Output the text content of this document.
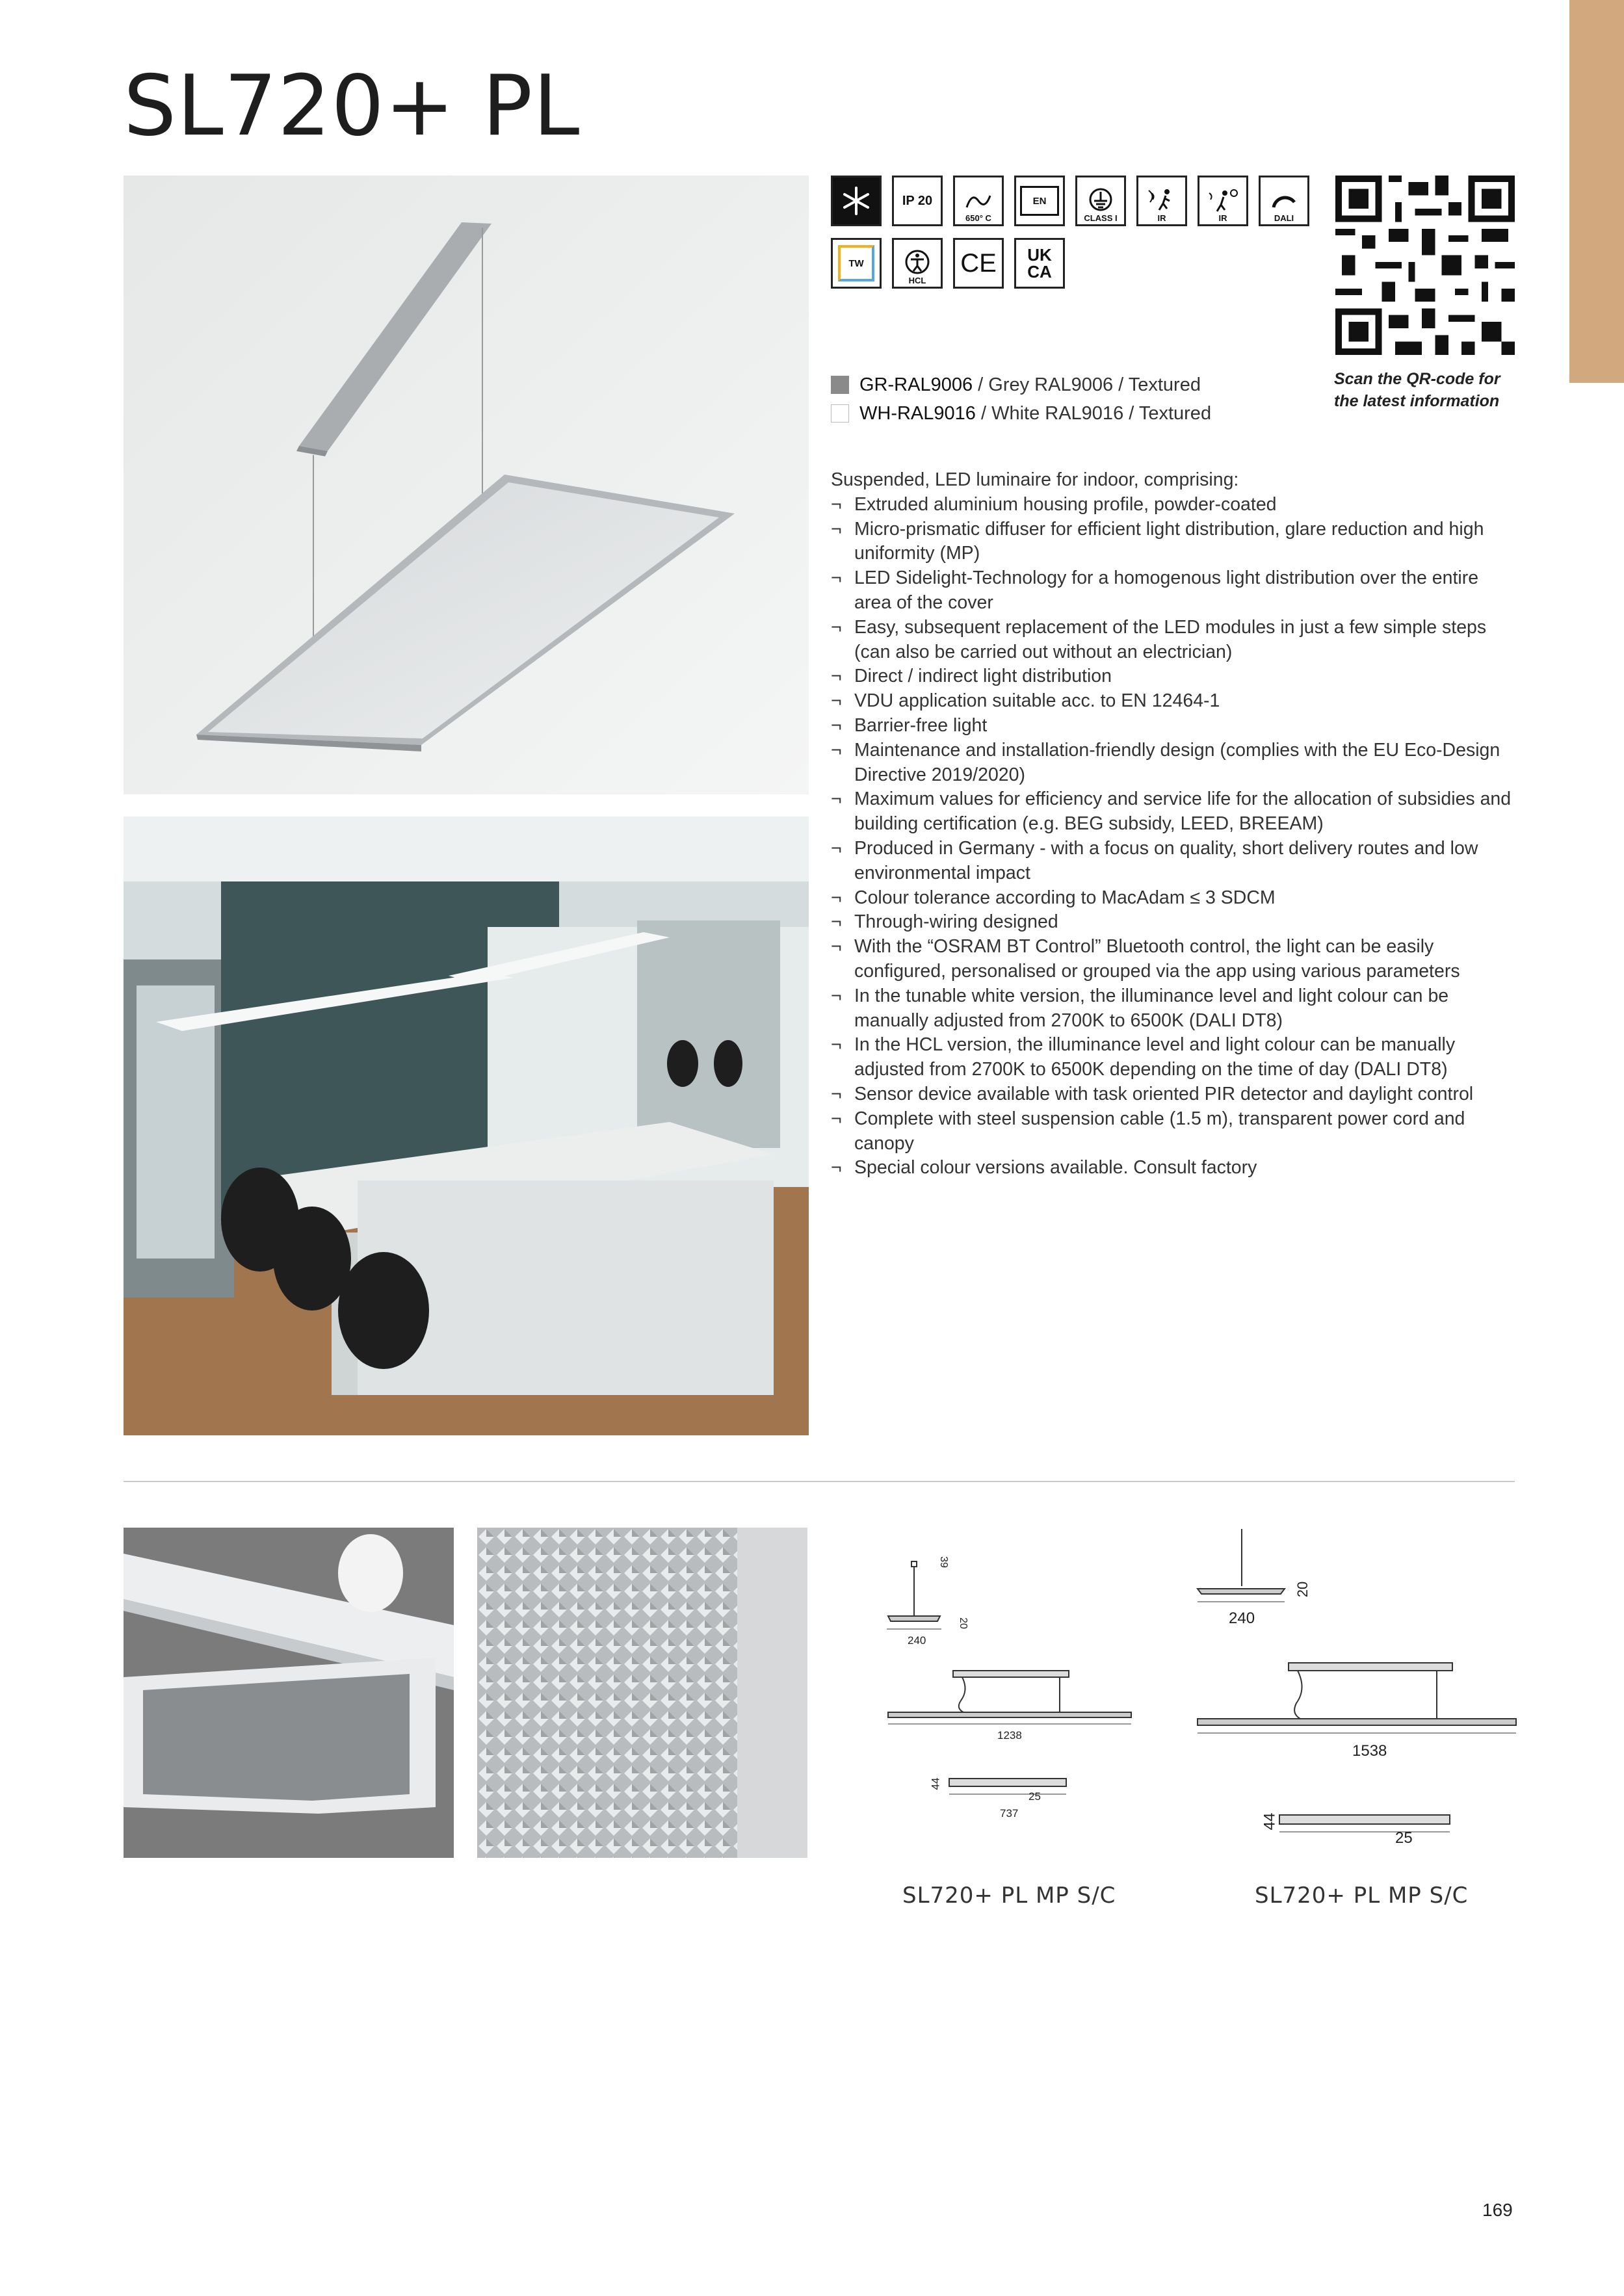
SL720+ PL
IP 20
650° C
EN
CLASS I	IR	IR	DALI
TW
HCL
CE UK CA
Scan the QR-code for
the latest information
GR-RAL9006 / Grey RAL9006 / Textured
WH-RAL9016 / White RAL9016 / Textured

Suspended, LED luminaire for indoor, comprising:

¬ Extruded aluminium housing profile, powder-coated
¬ Micro-prismatic diffuser for efficient light distribution, glare reduction and high uniformity (MP)
¬ LED Sidelight-Technology for a homogenous light distribution over the entire area of the cover
¬ Easy, subsequent replacement of the LED modules in just a few simple steps (can also be carried out without an electrician)
¬ Direct / indirect light distribution
¬ VDU application suitable acc. to EN 12464-1
¬ Barrier-free light
¬ Maintenance and installation-friendly design (complies with the EU Eco-Design Directive 2019/2020)
¬ Maximum values for efficiency and service life for the allocation of subsidies and building certification (e.g. BEG subsidy, LEED, BREEAM)
¬ Produced in Germany - with a focus on quality, short delivery routes and low environmental impact
¬ Colour tolerance according to MacAdam ≤ 3 SDCM
¬ Through-wiring designed
¬ With the “OSRAM BT Control” Bluetooth control, the light can be easily configured, personalised or grouped via the app using various parameters
¬ In the tunable white version, the illuminance level and light colour can be manually adjusted from 2700K to 6500K (DALI DT8)
¬ In the HCL version, the illuminance level and light colour can be manually adjusted from 2700K to 6500K depending on the time of day (DALI DT8)
¬ Sensor device available with task oriented PIR detector and daylight control
¬ Complete with steel suspension cable (1.5 m), transparent power cord and canopy
¬ Special colour versions available. Consult factory
39
20
240
1238
44
25
737
20
240
1538
44
25
SL720+ PL MP S/C	SL720+ PL MP S/C
169
